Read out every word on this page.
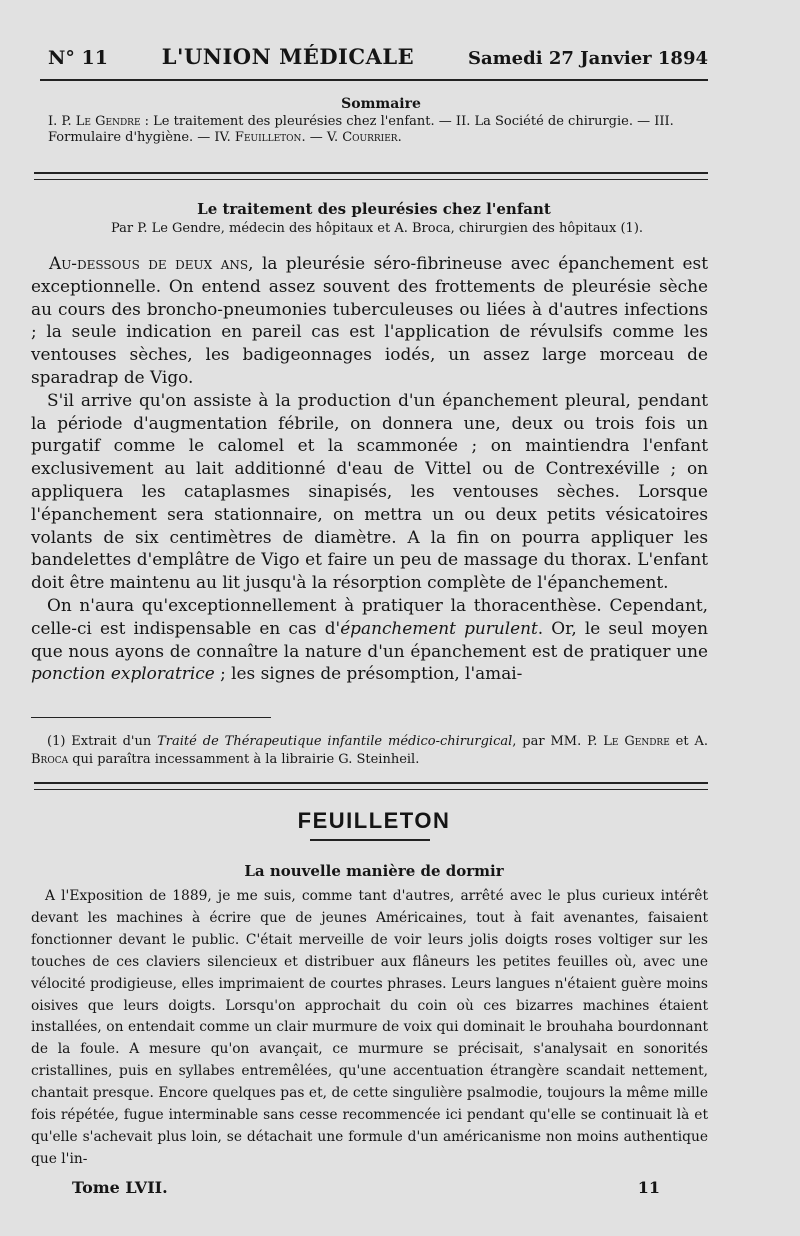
N° 11	L'UNION MÉDICALE	Samedi 27 Janvier 1894
Sommaire
I. P. Le Gendre : Le traitement des pleurésies chez l'enfant. — II. La Société de chirurgie. — III. Formulaire d'hygiène. — IV. Feuilleton. — V. Courrier.
Le traitement des pleurésies chez l'enfant
Par P. Le Gendre, médecin des hôpitaux et A. Broca, chirurgien des hôpitaux (1).

Au-dessous de deux ans, la pleurésie séro-fibrineuse avec épanchement est exceptionnelle. On entend assez souvent des frottements de pleurésie sèche au cours des broncho-pneumonies tuberculeuses ou liées à d'autres infections ; la seule indication en pareil cas est l'application de révulsifs comme les ventouses sèches, les badigeonnages iodés, un assez large morceau de sparadrap de Vigo.

S'il arrive qu'on assiste à la production d'un épanchement pleural, pendant la période d'augmentation fébrile, on donnera une, deux ou trois fois un purgatif comme le calomel et la scammonée ; on maintiendra l'enfant exclusivement au lait additionné d'eau de Vittel ou de Contrexéville ; on appliquera les cataplasmes sinapisés, les ventouses sèches. Lorsque l'épanchement sera stationnaire, on mettra un ou deux petits vésicatoires volants de six centimètres de diamètre. A la fin on pourra appliquer les bandelettes d'emplâtre de Vigo et faire un peu de massage du thorax. L'enfant doit être maintenu au lit jusqu'à la résorption complète de l'épanchement.

On n'aura qu'exceptionnellement à pratiquer la thoracenthèse. Cependant, celle-ci est indispensable en cas d'épanchement purulent. Or, le seul moyen que nous ayons de connaître la nature d'un épanchement est de pratiquer une ponction exploratrice ; les signes de présomption, l'amai-

(1) Extrait d'un Traité de Thérapeutique infantile médico-chirurgical, par MM. P. Le Gendre et A. Broca qui paraîtra incessamment à la librairie G. Steinheil.
FEUILLETON
La nouvelle manière de dormir

A l'Exposition de 1889, je me suis, comme tant d'autres, arrêté avec le plus curieux intérêt devant les machines à écrire que de jeunes Américaines, tout à fait avenantes, faisaient fonctionner devant le public. C'était merveille de voir leurs jolis doigts roses voltiger sur les touches de ces claviers silencieux et distribuer aux flâneurs les petites feuilles où, avec une vélocité prodigieuse, elles imprimaient de courtes phrases. Leurs langues n'étaient guère moins oisives que leurs doigts. Lorsqu'on approchait du coin où ces bizarres machines étaient installées, on entendait comme un clair murmure de voix qui dominait le brouhaha bourdonnant de la foule. A mesure qu'on avançait, ce murmure se précisait, s'analysait en sonorités cristallines, puis en syllabes entremêlées, qu'une accentuation étrangère scandait nettement, chantait presque. Encore quelques pas et, de cette singulière psalmodie, toujours la même mille fois répétée, fugue interminable sans cesse recommencée ici pendant qu'elle se continuait là et qu'elle s'achevait plus loin, se détachait une formule d'un américanisme non moins authentique que l'in-

Tome LVII.	11
